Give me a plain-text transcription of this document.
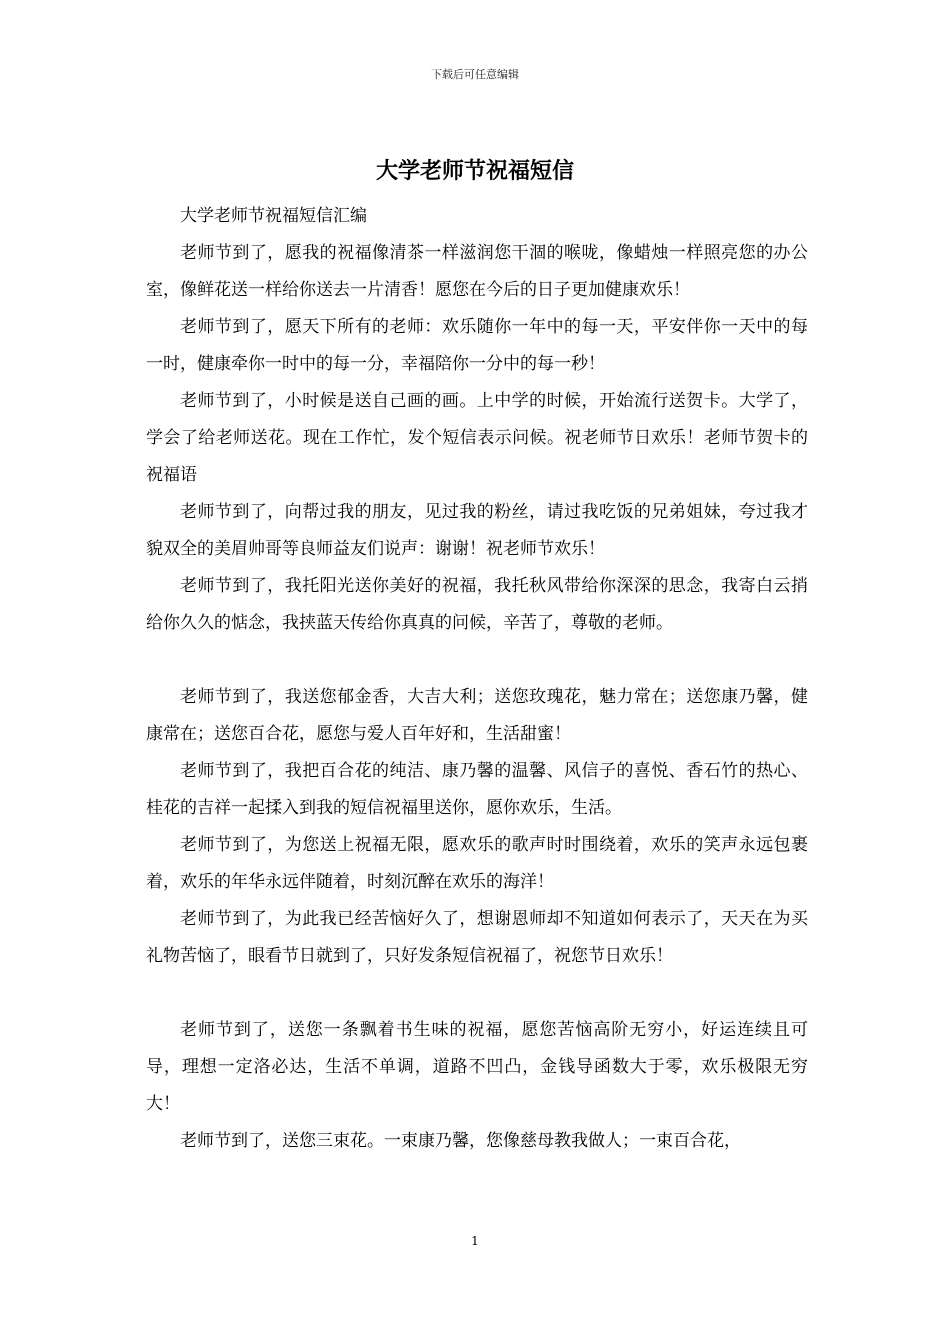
下载后可任意编辑
大学老师节祝福短信

大学老师节祝福短信汇编

老师节到了，愿我的祝福像清茶一样滋润您干涸的喉咙，像蜡烛一样照亮您的办公室，像鲜花送一样给你送去一片清香！愿您在今后的日子更加健康欢乐！

老师节到了，愿天下所有的老师：欢乐随你一年中的每一天，平安伴你一天中的每一时，健康牵你一时中的每一分，幸福陪你一分中的每一秒！

老师节到了，小时候是送自己画的画。上中学的时候，开始流行送贺卡。大学了，学会了给老师送花。现在工作忙，发个短信表示问候。祝老师节日欢乐！老师节贺卡的祝福语

老师节到了，向帮过我的朋友，见过我的粉丝，请过我吃饭的兄弟姐妹，夸过我才貌双全的美眉帅哥等良师益友们说声：谢谢！祝老师节欢乐！

老师节到了，我托阳光送你美好的祝福，我托秋风带给你深深的思念，我寄白云捎给你久久的惦念，我挟蓝天传给你真真的问候，辛苦了，尊敬的老师。

老师节到了，我送您郁金香，大吉大利；送您玫瑰花，魅力常在；送您康乃馨，健康常在；送您百合花，愿您与爱人百年好和，生活甜蜜！

老师节到了，我把百合花的纯洁、康乃馨的温馨、风信子的喜悦、香石竹的热心、桂花的吉祥一起揉入到我的短信祝福里送你，愿你欢乐，生活。

老师节到了，为您送上祝福无限，愿欢乐的歌声时时围绕着，欢乐的笑声永远包裹着，欢乐的年华永远伴随着，时刻沉醉在欢乐的海洋！

老师节到了，为此我已经苦恼好久了，想谢恩师却不知道如何表示了，天天在为买礼物苦恼了，眼看节日就到了，只好发条短信祝福了，祝您节日欢乐！

老师节到了，送您一条飘着书生味的祝福，愿您苦恼高阶无穷小，好运连续且可导，理想一定洛必达，生活不单调，道路不凹凸，金钱导函数大于零，欢乐极限无穷大！

老师节到了，送您三束花。一束康乃馨，您像慈母教我做人；一束百合花，

1
